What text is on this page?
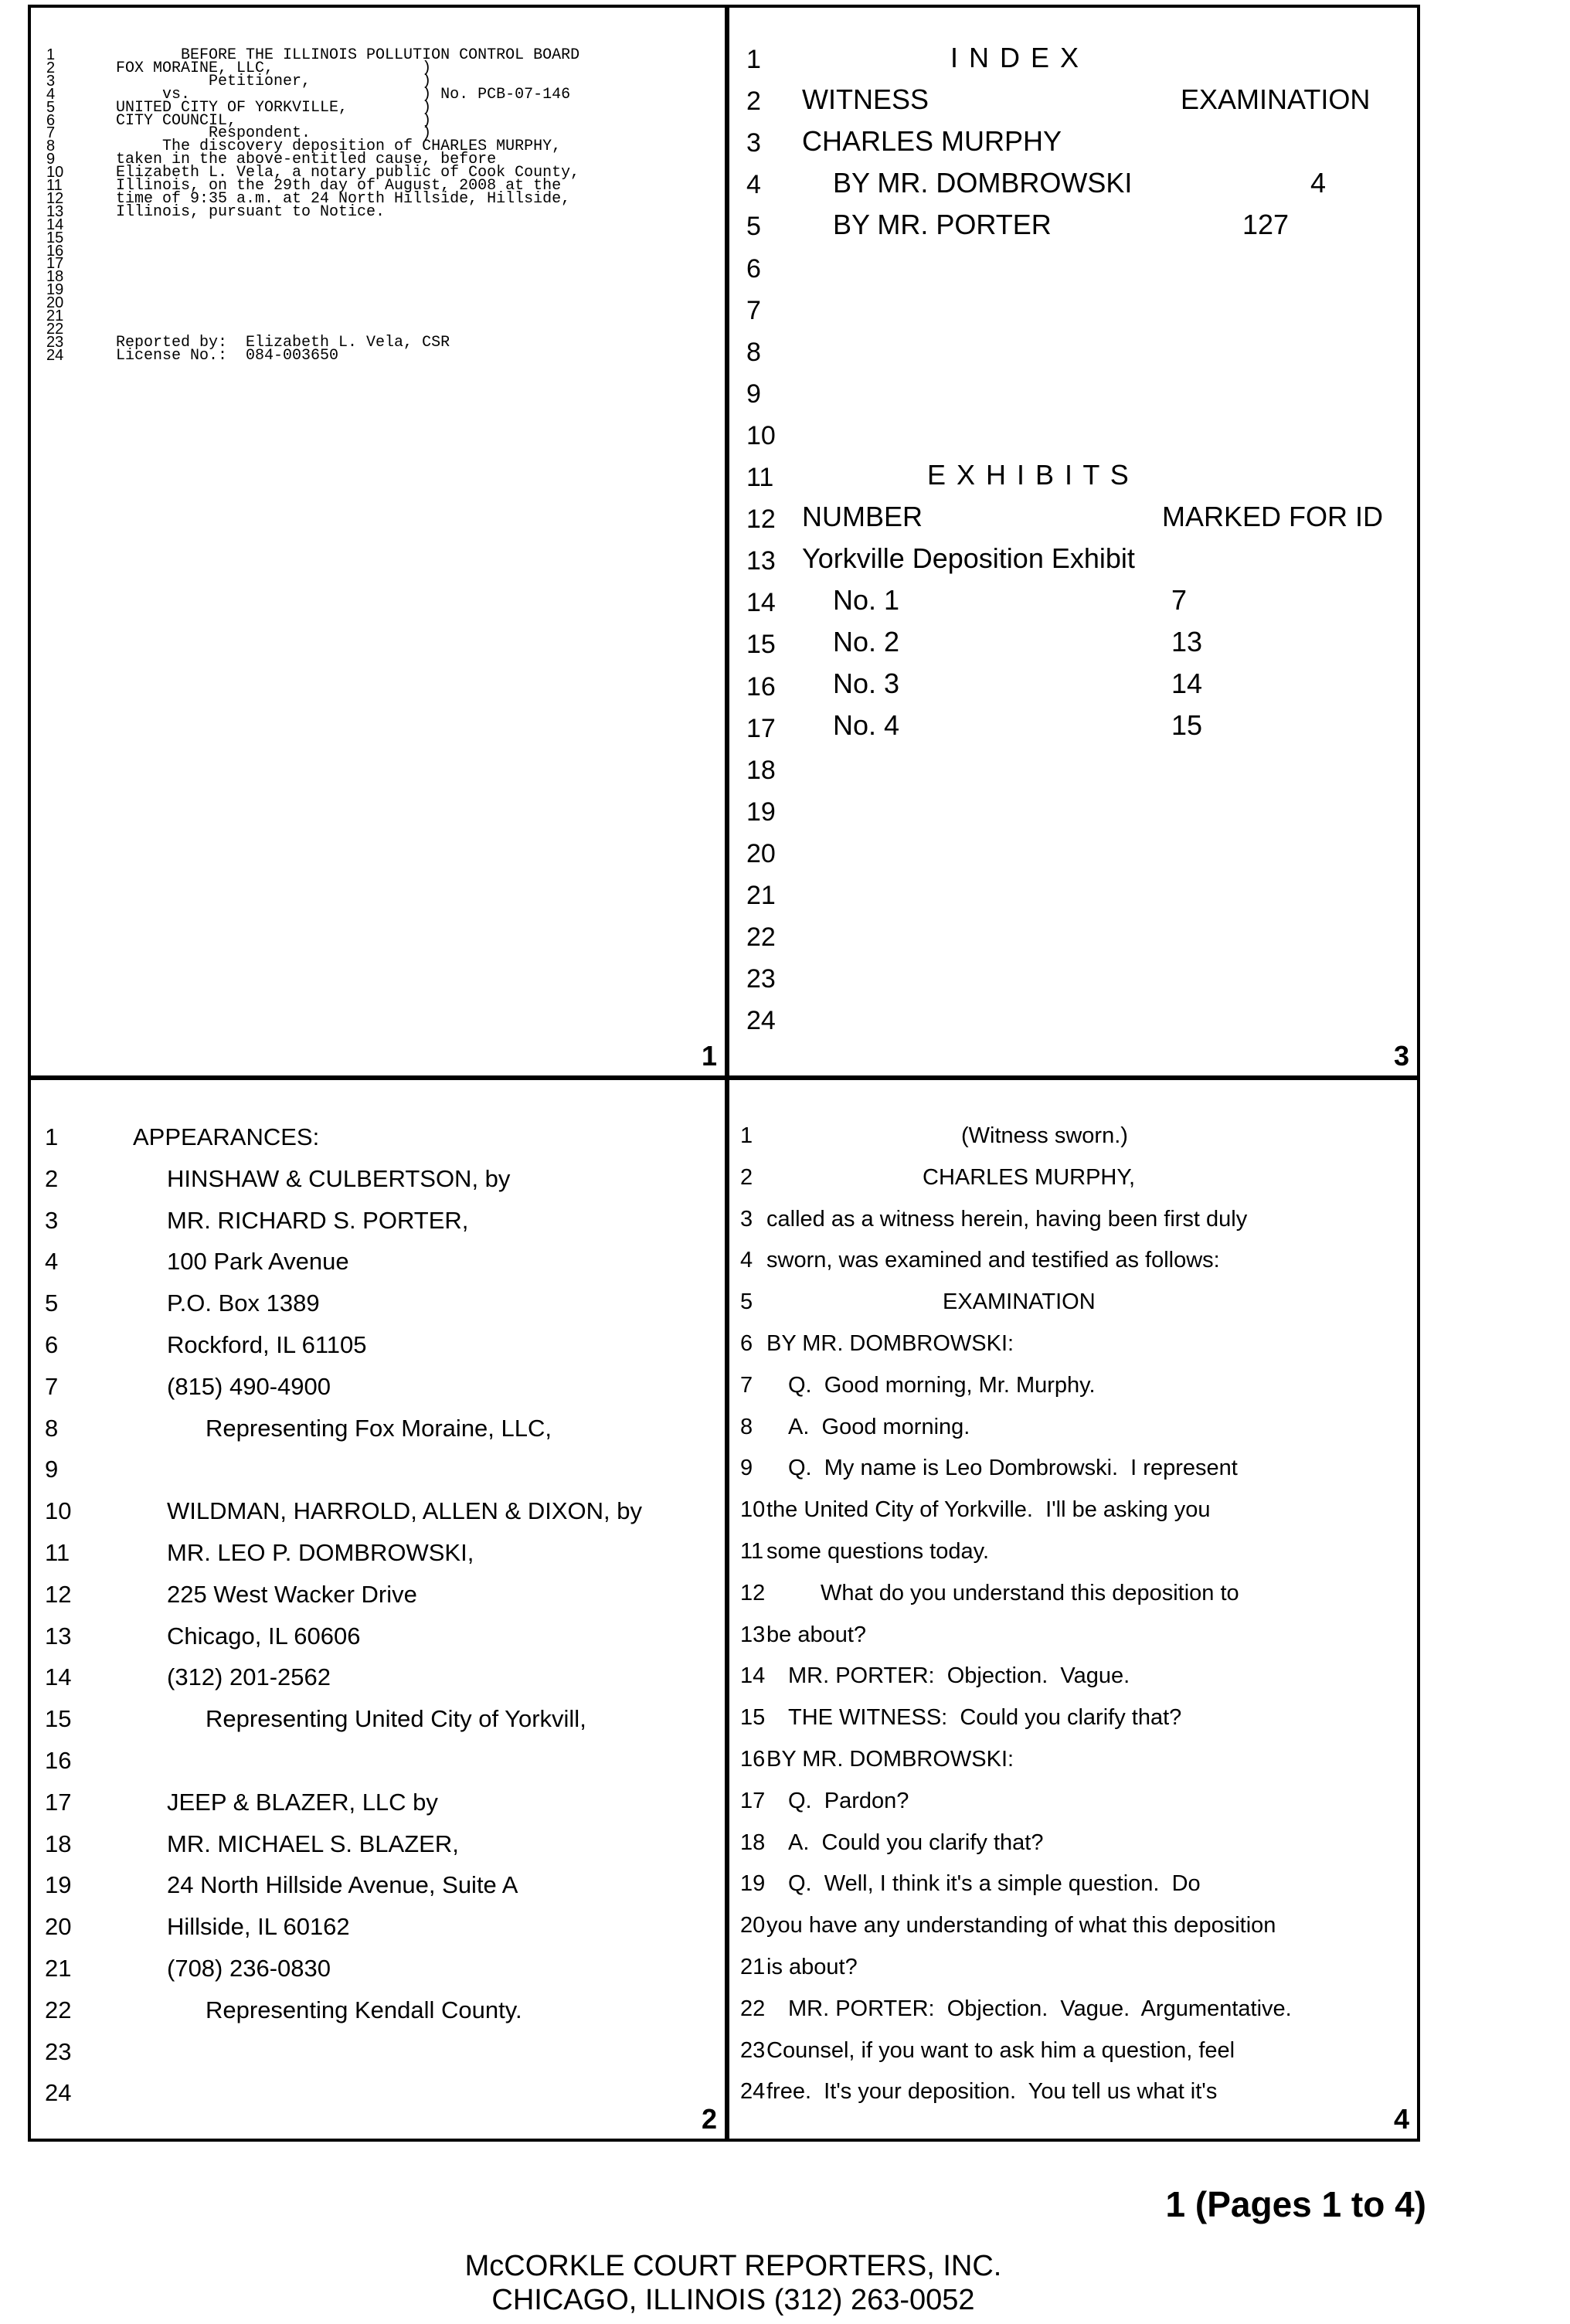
1
2
3
4
5
6
7
8
9
10
11
12
13
14
15
16
17
18
19
20
21
22
23
24
BEFORE THE ILLINOIS POLLUTION CONTROL BOARD
FOX MORAINE, LLC,                )
Petitioner,            )
vs.                         ) No. PCB-07-146
UNITED CITY OF YORKVILLE,        )
CITY COUNCIL,                    )
Respondent.            )
The discovery deposition of CHARLES MURPHY,
taken in the above-entitled cause, before
Elizabeth L. Vela, a notary public of Cook County,
Illinois, on the 29th day of August, 2008 at the
time of 9:35 a.m. at 24 North Hillside, Hillside,
Illinois, pursuant to Notice.
Reported by:  Elizabeth L. Vela, CSR
License No.:  084-003650
1
1
2
3
4
5
6
7
8
9
10
11
12
13
14
15
16
17
18
19
20
21
22
23
24
I N D E X
WITNESS	EXAMINATION
CHARLES MURPHY
BY MR. DOMBROWSKI	4
BY MR. PORTER	127
E X H I B I T S
NUMBER	MARKED FOR ID
Yorkville Deposition Exhibit
No. 1	7
No. 2	13
No. 3	14
No. 4	15
3
1
2
3
4
5
6
7
8
9
10
11
12
13
14
15
16
17
18
19
20
21
22
23
24
APPEARANCES:
HINSHAW & CULBERTSON, by
MR. RICHARD S. PORTER,
100 Park Avenue
P.O. Box 1389
Rockford, IL 61105
(815) 490-4900
Representing Fox Moraine, LLC,
WILDMAN, HARROLD, ALLEN & DIXON, by
MR. LEO P. DOMBROWSKI,
225 West Wacker Drive
Chicago, IL 60606
(312) 201-2562
Representing United City of Yorkvill,
JEEP & BLAZER, LLC by
MR. MICHAEL S. BLAZER,
24 North Hillside Avenue, Suite A
Hillside, IL 60162
(708) 236-0830
Representing Kendall County.
2
1
2
3
4
5
6
7
8
9
10
11
12
13
14
15
16
17
18
19
20
21
22
23
24
(Witness sworn.)
CHARLES MURPHY,
called as a witness herein, having been first duly
sworn, was examined and testified as follows:
EXAMINATION
BY MR. DOMBROWSKI:
Q.  Good morning, Mr. Murphy.
A.  Good morning.
Q.  My name is Leo Dombrowski.  I represent
the United City of Yorkville.  I'll be asking you
some questions today.
What do you understand this deposition to
be about?
MR. PORTER:  Objection.  Vague.
THE WITNESS:  Could you clarify that?
BY MR. DOMBROWSKI:
Q.  Pardon?
A.  Could you clarify that?
Q.  Well, I think it's a simple question.  Do
you have any understanding of what this deposition
is about?
MR. PORTER:  Objection.  Vague.  Argumentative.
Counsel, if you want to ask him a question, feel
free.  It's your deposition.  You tell us what it's
4
1 (Pages 1 to 4)
McCORKLE COURT REPORTERS, INC.
CHICAGO, ILLINOIS (312) 263-0052
